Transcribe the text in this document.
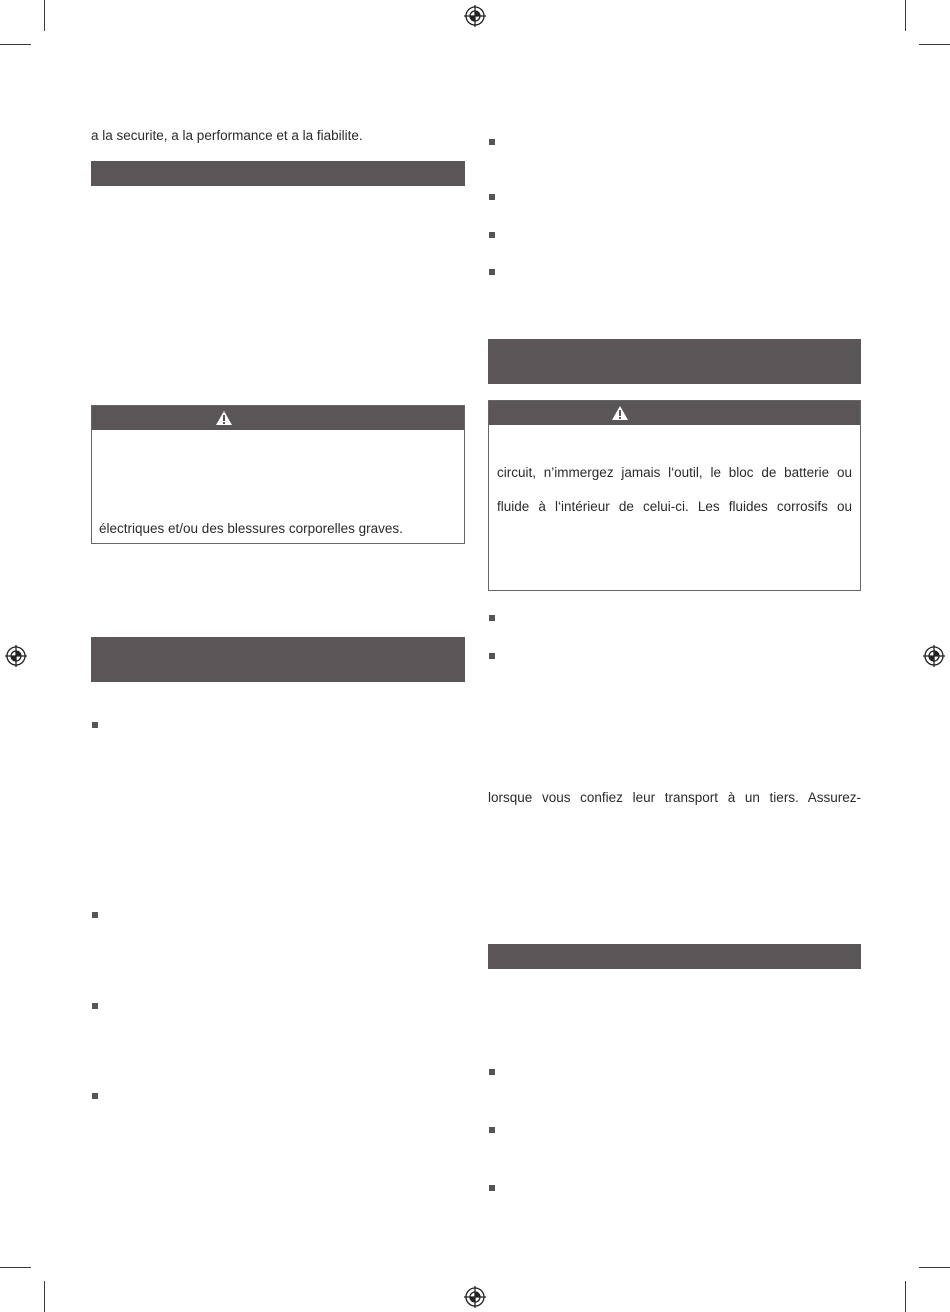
a la securite, a la performance et a la fiabilite.
électriques et/ou des blessures corporelles graves.
circuit, n’immergez jamais l‘outil, le bloc de batterie ou
fluide à l‘intérieur de celui-ci. Les fluides corrosifs ou
lorsque vous confiez leur transport à un tiers. Assurez-
